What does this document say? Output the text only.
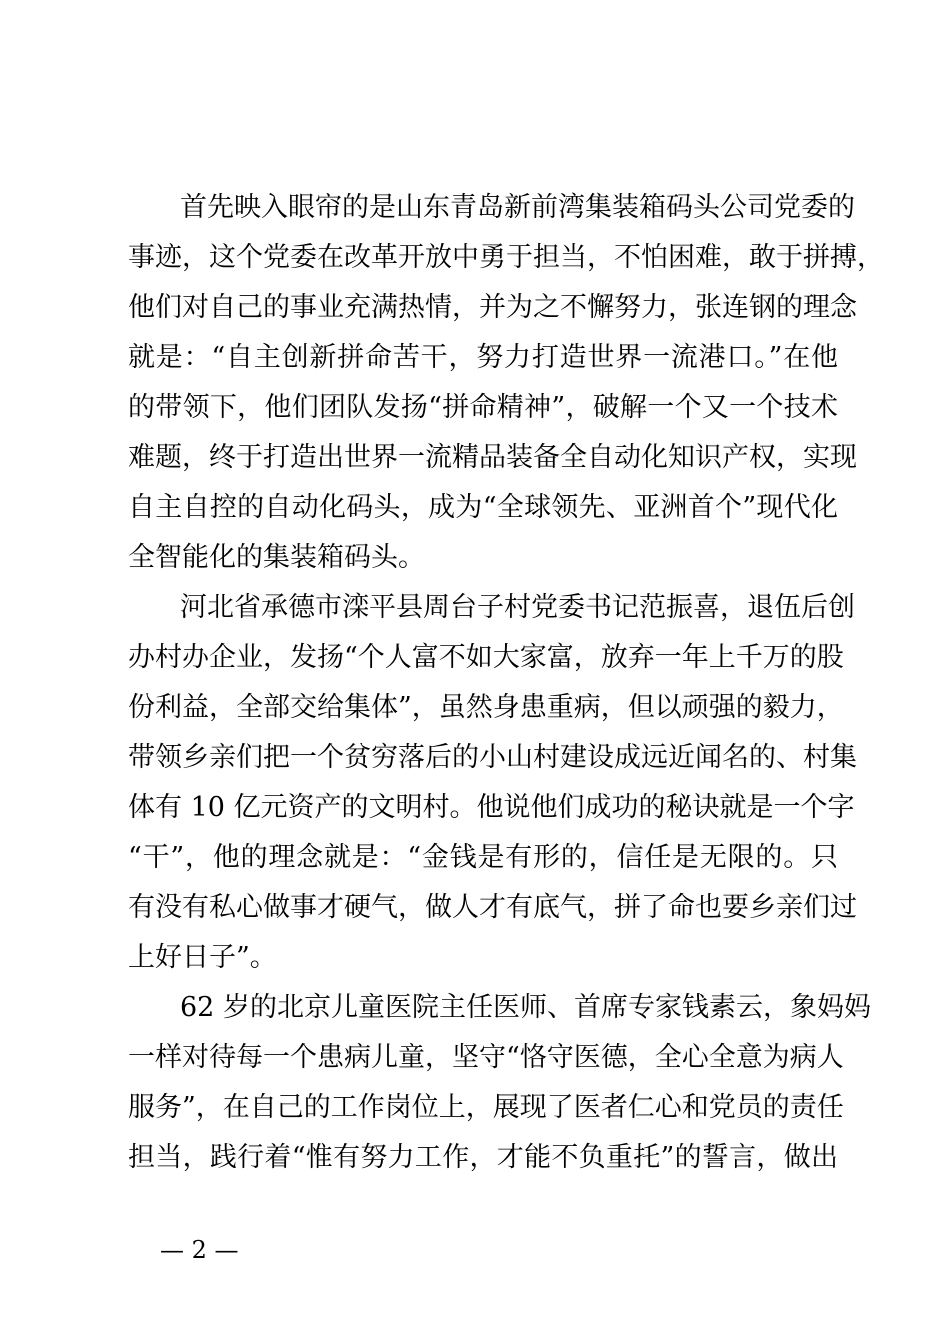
首先映入眼帘的是山东青岛新前湾集装箱码头公司党委的
事迹，这个党委在改革开放中勇于担当，不怕困难，敢于拼搏，
他们对自己的事业充满热情，并为之不懈努力，张连钢的理念
就是：“自主创新拼命苦干，努力打造世界一流港口。”在他
的带领下，他们团队发扬“拼命精神”，破解一个又一个技术
难题，终于打造出世界一流精品装备全自动化知识产权，实现
自主自控的自动化码头，成为“全球领先、亚洲首个”现代化
全智能化的集装箱码头。
河北省承德市滦平县周台子村党委书记范振喜，退伍后创
办村办企业，发扬“个人富不如大家富，放弃一年上千万的股
份利益，全部交给集体”，虽然身患重病，但以顽强的毅力，
带领乡亲们把一个贫穷落后的小山村建设成远近闻名的、村集
体有 10 亿元资产的文明村。他说他们成功的秘诀就是一个字
“干”，他的理念就是：“金钱是有形的，信任是无限的。只
有没有私心做事才硬气，做人才有底气，拼了命也要乡亲们过
上好日子”。
62 岁的北京儿童医院主任医师、首席专家钱素云，象妈妈
一样对待每一个患病儿童，坚守“恪守医德，全心全意为病人
服务”，在自己的工作岗位上，展现了医者仁心和党员的责任
担当，践行着“惟有努力工作，才能不负重托”的誓言，做出
— 2 —
